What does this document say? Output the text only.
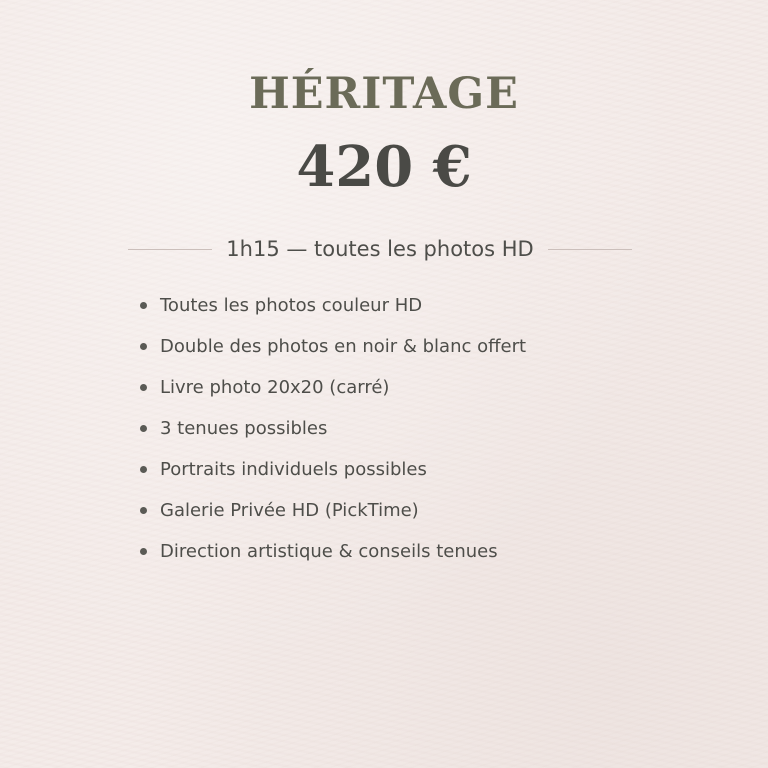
HÉRITAGE
420 €
1h15 — toutes les photos HD
Toutes les photos couleur HD
Double des photos en noir & blanc offert
Livre photo 20x20 (carré)
3 tenues possibles
Portraits individuels possibles
Galerie Privée HD (PickTime)
Direction artistique & conseils tenues
